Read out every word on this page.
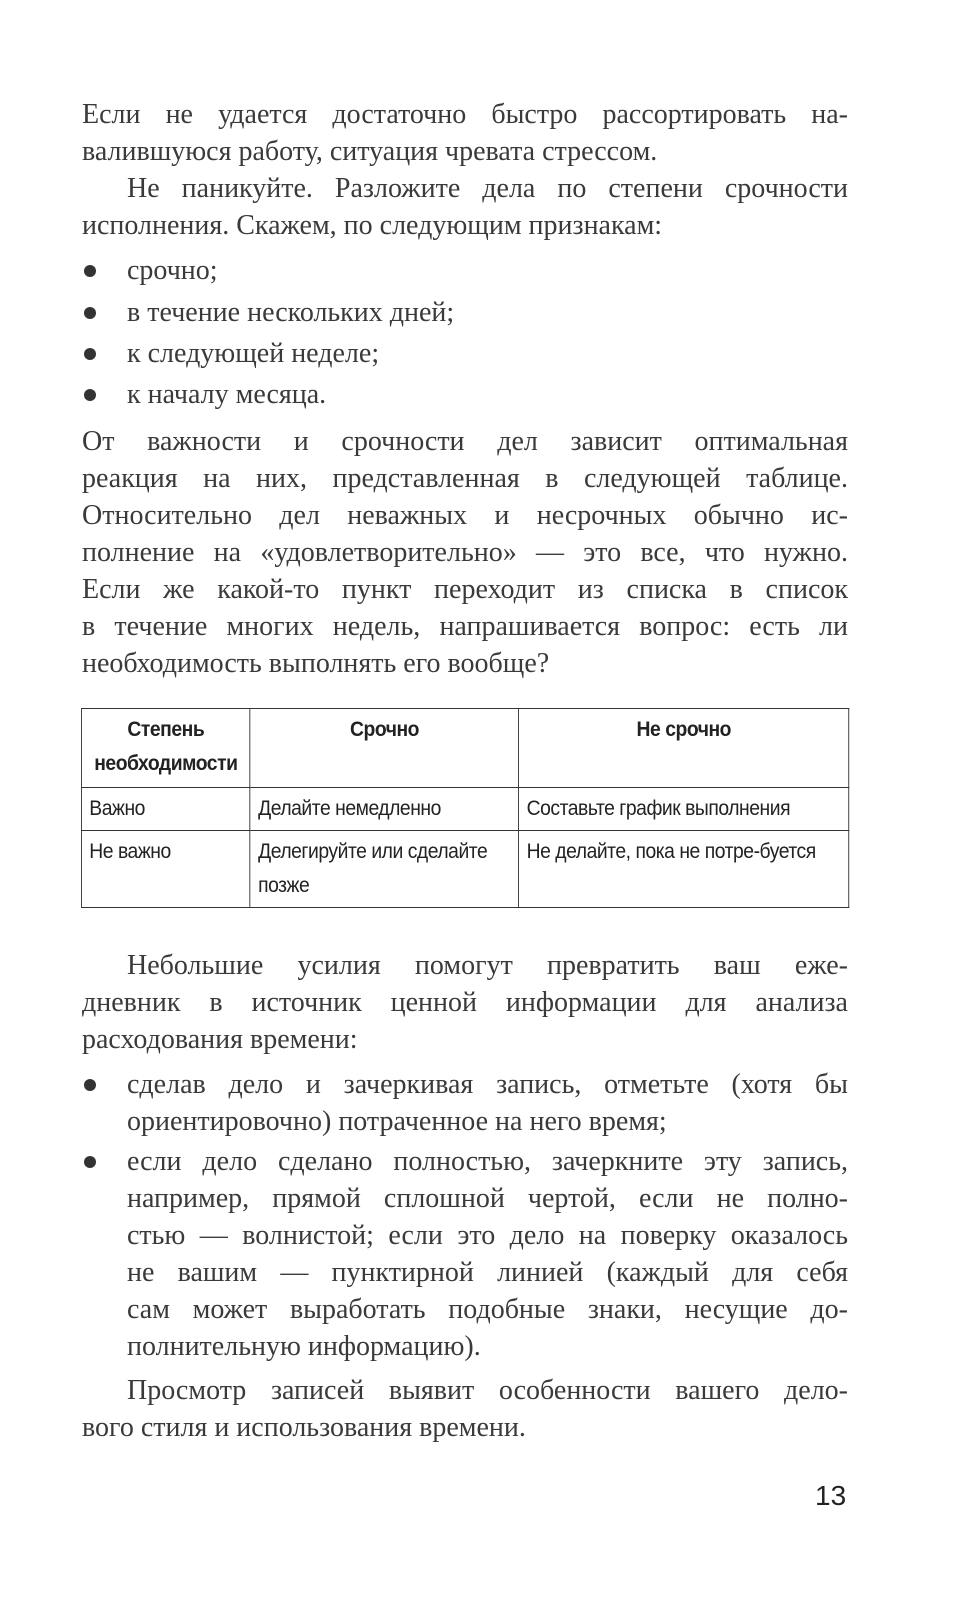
Если не удается достаточно быстро рассортировать на-
валившуюся работу, ситуация чревата стрессом.
Не паникуйте. Разложите дела по степени срочности
исполнения. Скажем, по следующим признакам:
срочно;
в течение нескольких дней;
к следующей неделе;
к началу месяца.
От важности и срочности дел зависит оптимальная
реакция на них, представленная в следующей таблице.
Относительно дел неважных и несрочных обычно ис-
полнение на «удовлетворительно» — это все, что нужно.
Если же какой-то пункт переходит из списка в список
в течение многих недель, напрашивается вопрос: есть ли
необходимость выполнять его вообще?
Небольшие усилия помогут превратить ваш еже-
дневник в источник ценной информации для анализа
расходования времени:
сделав дело и зачеркивая запись, отметьте (хотя бы
ориентировочно) потраченное на него время;
если дело сделано полностью, зачеркните эту запись,
например, прямой сплошной чертой, если не полно-
стью — волнистой; если это дело на поверку оказалось
не вашим — пунктирной линией (каждый для себя
сам может выработать подобные знаки, несущие до-
полнительную информацию).
Просмотр записей выявит особенности вашего дело-
вого стиля и использования времени.
Степень необходимости	Срочно	Не срочно
Важно	Делайте немедленно	Составьте график выполнения
Не важно	Делегируйте или сделайте позже	Не делайте, пока не потре-буется
13
